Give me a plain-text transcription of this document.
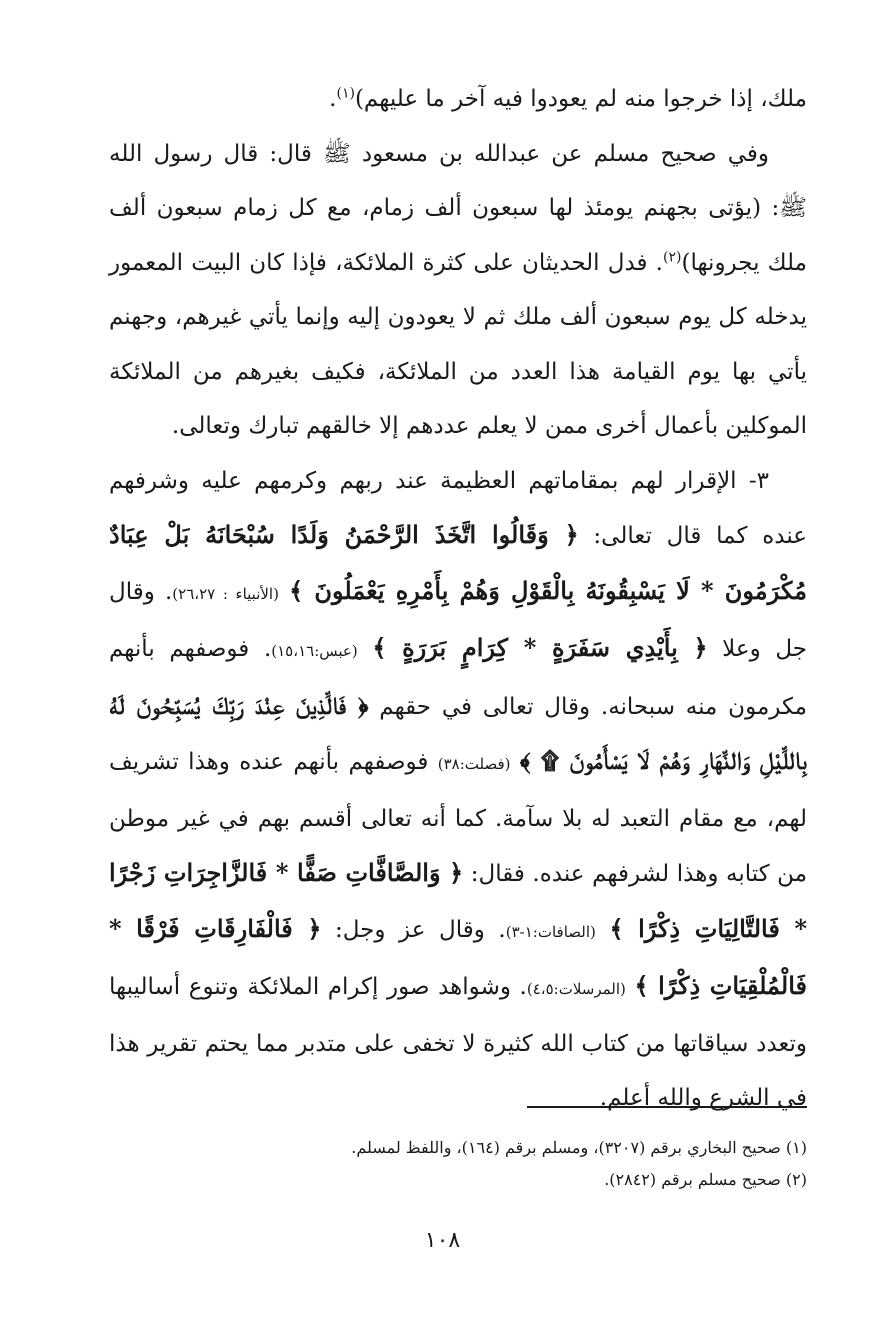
ملك، إذا خرجوا منه لم يعودوا فيه آخر ما عليهم)$^{(١)}$.

وفي صحيح مسلم عن عبدالله بن مسعود ﷺ قال: قال رسول الله ﷺ: (يؤتى بجهنم يومئذ لها سبعون ألف زمام، مع كل زمام سبعون ألف ملك يجرونها)$^{(٢)}$. فدل الحديثان على كثرة الملائكة، فإذا كان البيت المعمور يدخله كل يوم سبعون ألف ملك ثم لا يعودون إليه وإنما يأتي غيرهم، وجهنم يأتي بها يوم القيامة هذا العدد من الملائكة، فكيف بغيرهم من الملائكة الموكلين بأعمال أخرى ممن لا يعلم عددهم إلا خالقهم تبارك وتعالى.

٣- الإقرار لهم بمقاماتهم العظيمة عند ربهم وكرمهم عليه وشرفهم عنده كما قال تعالى: ﴿ وَقَالُوا اتَّخَذَ الرَّحْمَنُ وَلَدًا سُبْحَانَهُ بَلْ عِبَادٌ مُكْرَمُونَ * لَا يَسْبِقُونَهُ بِالْقَوْلِ وَهُمْ بِأَمْرِهِ يَعْمَلُونَ ﴾ (الأنبياء : ٢٦،٢٧). وقال جل وعلا ﴿ بِأَيْدِي سَفَرَةٍ * كِرَامٍ بَرَرَةٍ ﴾ (عبس:١٥،١٦). فوصفهم بأنهم مكرمون منه سبحانه. وقال تعالى في حقهم ﴿ فَالَّذِينَ عِنْدَ رَبِّكَ يُسَبِّحُونَ لَهُ بِاللَّيْلِ وَالنَّهَارِ وَهُمْ لَا يَسْأَمُونَ ۩ ﴾ (فصلت:٣٨) فوصفهم بأنهم عنده وهذا تشريف لهم، مع مقام التعبد له بلا سآمة. كما أنه تعالى أقسم بهم في غير موطن من كتابه وهذا لشرفهم عنده. فقال: ﴿ وَالصَّافَّاتِ صَفًّا * فَالزَّاجِرَاتِ زَجْرًا * فَالتَّالِيَاتِ ذِكْرًا ﴾ (الصافات:١-٣). وقال عز وجل: ﴿ فَالْفَارِقَاتِ فَرْقًا * فَالْمُلْقِيَاتِ ذِكْرًا ﴾ (المرسلات:٤،٥). وشواهد صور إكرام الملائكة وتنوع أساليبها وتعدد سياقاتها من كتاب الله كثيرة لا تخفى على متدبر مما يحتم تقرير هذا في الشرع والله أعلم.

(١) صحيح البخاري برقم (٣٢٠٧)، ومسلم برقم (١٦٤)، واللفظ لمسلم.

(٢) صحيح مسلم برقم (٢٨٤٢).

١٠٨
